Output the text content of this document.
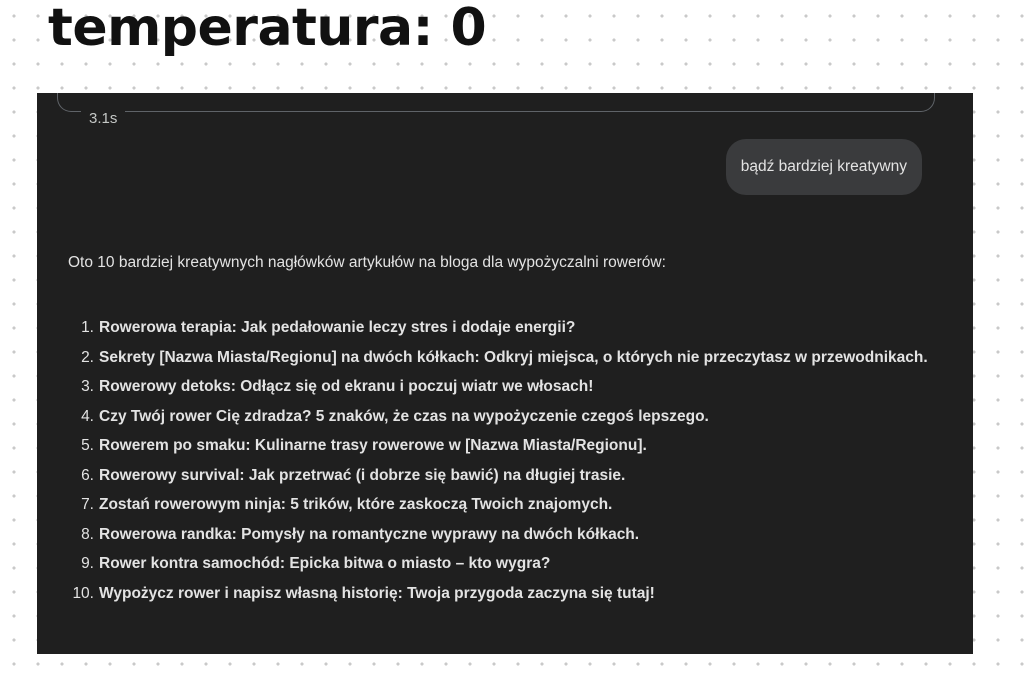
temperatura: 0
3.1s
bądź bardziej kreatywny

Oto 10 bardziej kreatywnych nagłówków artykułów na bloga dla wypożyczalni rowerów:

1. Rowerowa terapia: Jak pedałowanie leczy stres i dodaje energii?
2. Sekrety [Nazwa Miasta/Regionu] na dwóch kółkach: Odkryj miejsca, o których nie przeczytasz w przewodnikach.
3. Rowerowy detoks: Odłącz się od ekranu i poczuj wiatr we włosach!
4. Czy Twój rower Cię zdradza? 5 znaków, że czas na wypożyczenie czegoś lepszego.
5. Rowerem po smaku: Kulinarne trasy rowerowe w [Nazwa Miasta/Regionu].
6. Rowerowy survival: Jak przetrwać (i dobrze się bawić) na długiej trasie.
7. Zostań rowerowym ninja: 5 trików, które zaskoczą Twoich znajomych.
8. Rowerowa randka: Pomysły na romantyczne wyprawy na dwóch kółkach.
9. Rower kontra samochód: Epicka bitwa o miasto – kto wygra?
10. Wypożycz rower i napisz własną historię: Twoja przygoda zaczyna się tutaj!
